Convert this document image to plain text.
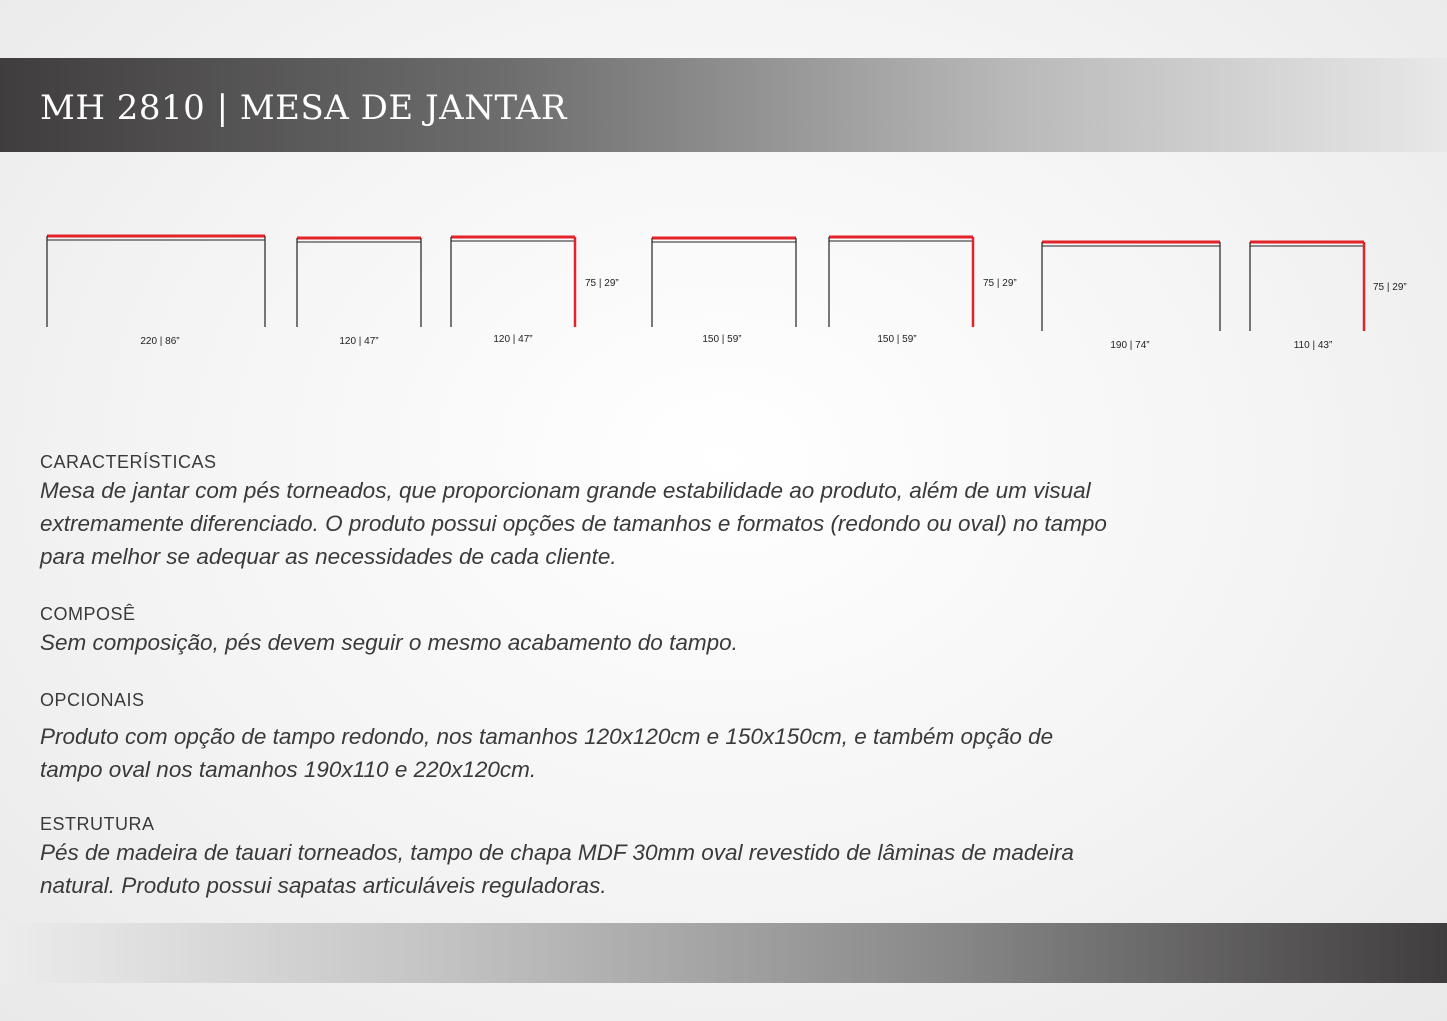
MH 2810 | MESA DE JANTAR
220 | 86”	120 | 47”	120 | 47”
75 | 29”
150 | 59”	150 | 59”
75 | 29”
190 | 74”	110 | 43”
75 | 29”

CARACTERÍSTICAS

Mesa de jantar com pés torneados, que proporcionam grande estabilidade ao produto, além de um visual

extremamente diferenciado. O produto possui opções de tamanhos e formatos (redondo ou oval) no tampo

para melhor se adequar as necessidades de cada cliente.

COMPOSÊ

Sem composição, pés devem seguir o mesmo acabamento do tampo.

OPCIONAIS

Produto com opção de tampo redondo, nos tamanhos 120x120cm e 150x150cm, e também opção de

tampo oval nos tamanhos 190x110 e 220x120cm.

ESTRUTURA

Pés de madeira de tauari torneados, tampo de chapa MDF 30mm oval revestido de lâminas de madeira

natural. Produto possui sapatas articuláveis reguladoras.
